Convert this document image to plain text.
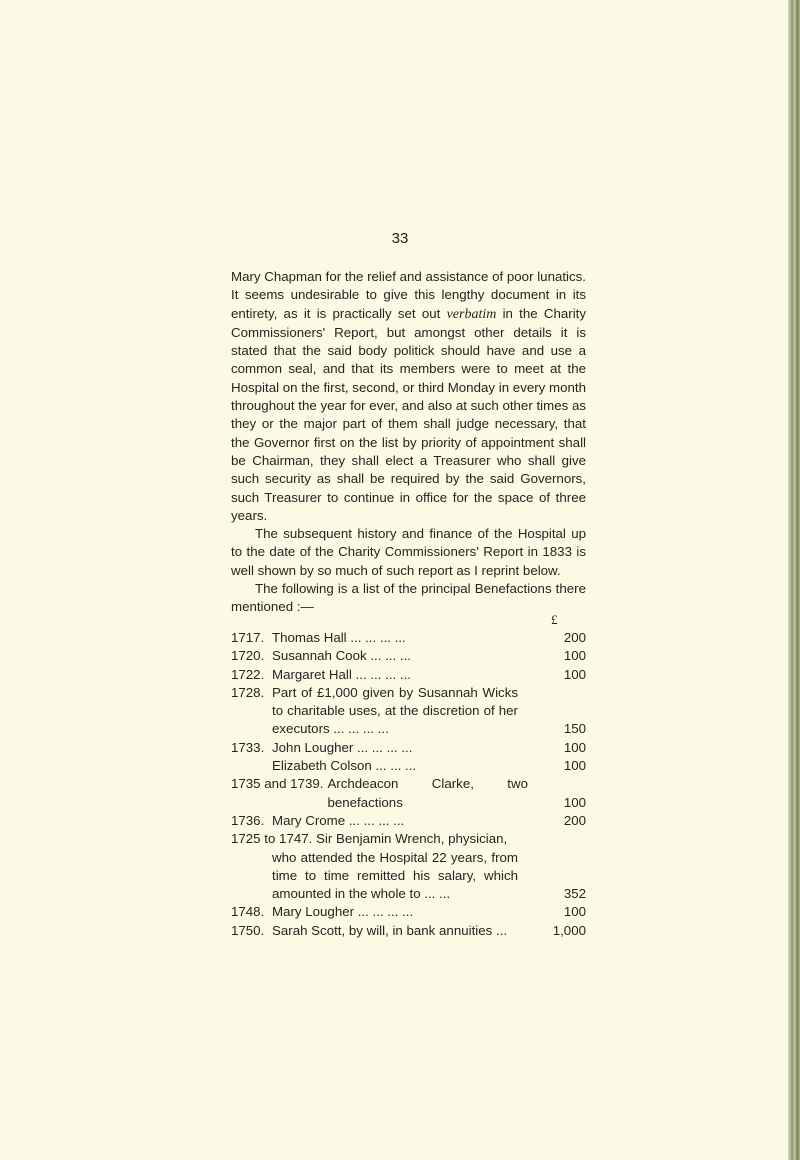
33

Mary Chapman for the relief and assistance of poor lunatics. It seems undesirable to give this lengthy document in its entirety, as it is practically set out verbatim in the Charity Commissioners' Report, but amongst other details it is stated that the said body politick should have and use a common seal, and that its members were to meet at the Hospital on the first, second, or third Monday in every month throughout the year for ever, and also at such other times as they or the major part of them shall judge necessary, that the Governor first on the list by priority of appointment shall be Chairman, they shall elect a Treasurer who shall give such security as shall be required by the said Governors, such Treasurer to continue in office for the space of three years.

The subsequent history and finance of the Hospital up to the date of the Charity Commissioners' Report in 1833 is well shown by so much of such report as I reprint below.

The following is a list of the principal Benefactions there mentioned :—

£
1717. Thomas Hall ... ... ... ...	200
1720. Susannah Cook ... ... ...	100
1722. Margaret Hall ... ... ... ...	100
1728. Part of £1,000 given by Susannah Wicks to charitable uses, at the discretion of her executors ... ... ... ...	150
1733. John Lougher ... ... ... ...	100
Elizabeth Colson ... ... ...	100
1735 and 1739. Archdeacon Clarke, two benefactions	100
1736. Mary Crome ... ... ... ...	200
1725 to 1747. Sir Benjamin Wrench, physician,
who attended the Hospital 22 years, from time to time remitted his salary, which amounted in the whole to ... ...	352
1748. Mary Lougher ... ... ... ...	100
1750. Sarah Scott, by will, in bank annuities ...	1,000
